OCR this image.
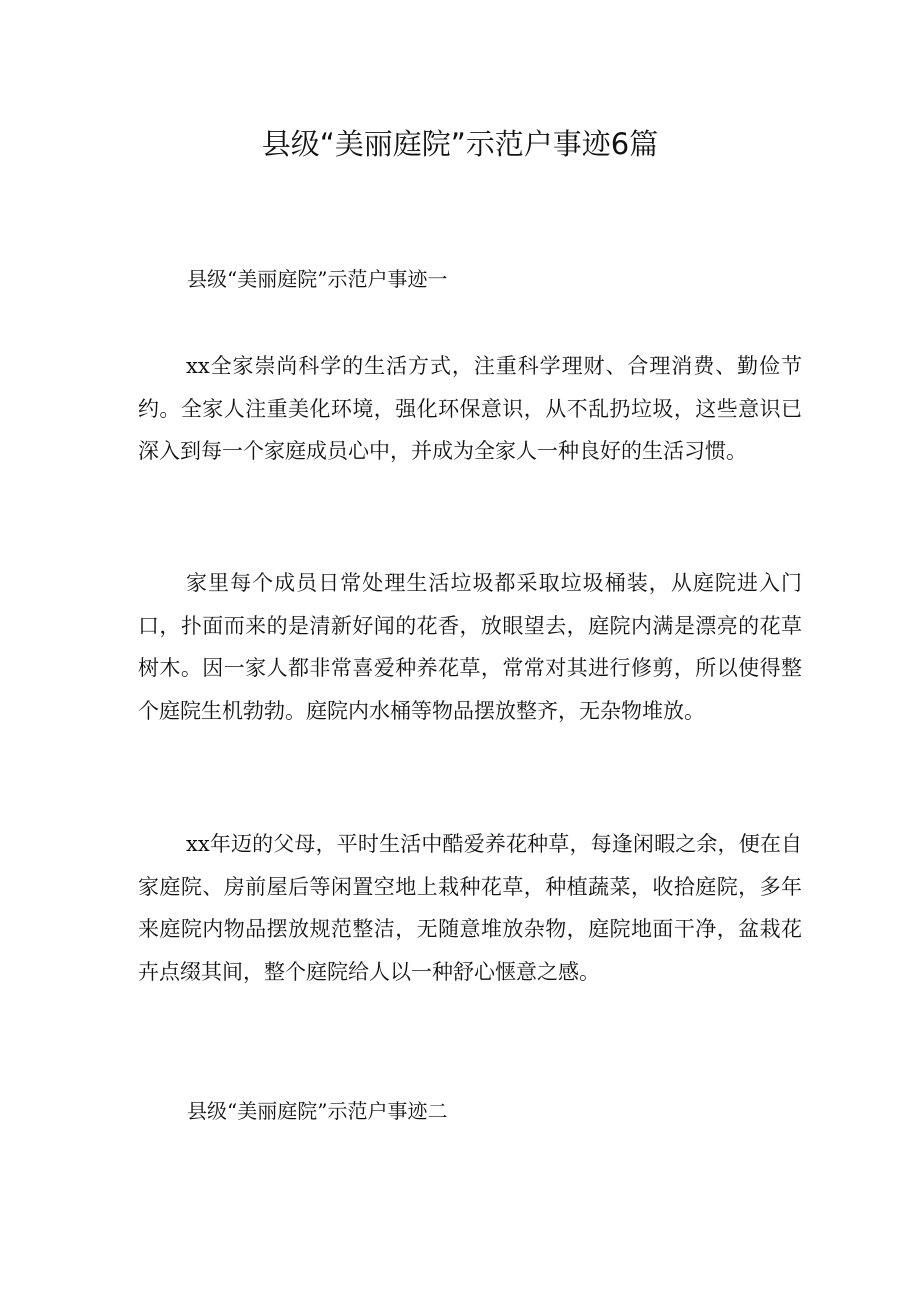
县级“美丽庭院”示范户事迹6篇
县级“美丽庭院”示范户事迹一

xx全家崇尚科学的生活方式，注重科学理财、合理消费、勤俭节约。全家人注重美化环境，强化环保意识，从不乱扔垃圾，这些意识已深入到每一个家庭成员心中，并成为全家人一种良好的生活习惯。

家里每个成员日常处理生活垃圾都采取垃圾桶装，从庭院进入门口，扑面而来的是清新好闻的花香，放眼望去，庭院内满是漂亮的花草树木。因一家人都非常喜爱种养花草，常常对其进行修剪，所以使得整个庭院生机勃勃。庭院内水桶等物品摆放整齐，无杂物堆放。

xx年迈的父母，平时生活中酷爱养花种草，每逢闲暇之余，便在自家庭院、房前屋后等闲置空地上栽种花草，种植蔬菜，收拾庭院，多年来庭院内物品摆放规范整洁，无随意堆放杂物，庭院地面干净，盆栽花卉点缀其间，整个庭院给人以一种舒心惬意之感。

县级“美丽庭院”示范户事迹二
